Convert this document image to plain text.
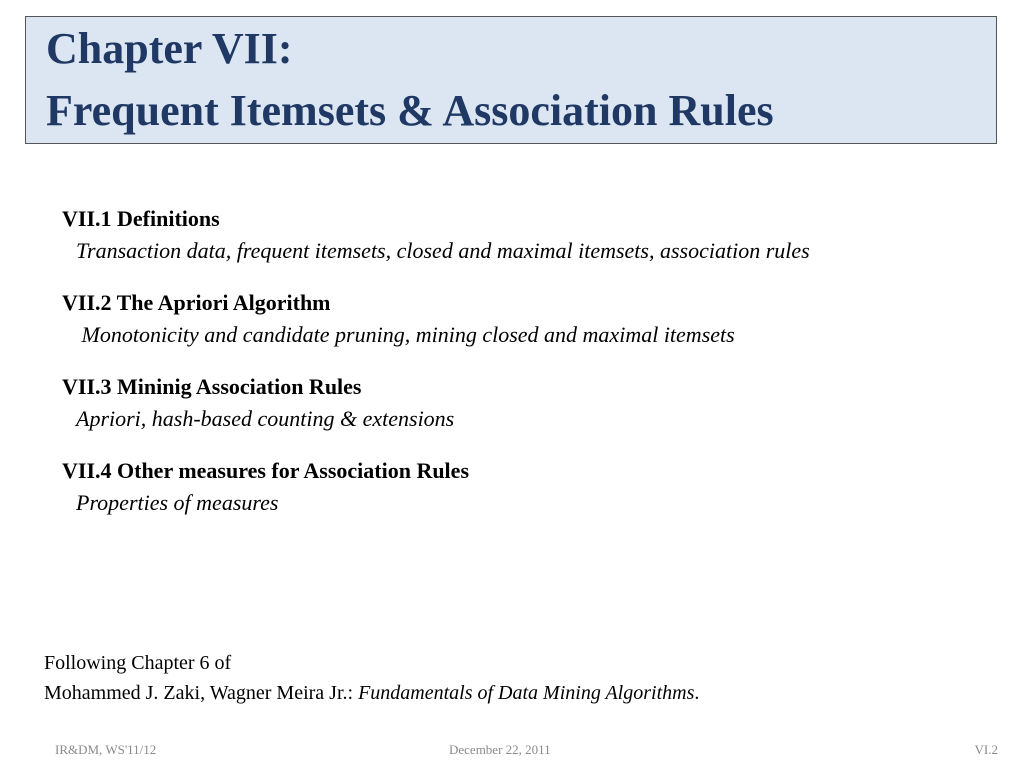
Chapter VII:
Frequent Itemsets & Association Rules
VII.1 Definitions
Transaction data, frequent itemsets, closed and maximal itemsets, association rules
VII.2 The Apriori Algorithm
Monotonicity and candidate pruning, mining closed and maximal itemsets
VII.3 Mininig Association Rules
Apriori, hash-based counting & extensions
VII.4 Other measures for Association Rules
Properties of measures
Following Chapter 6 of
Mohammed J. Zaki, Wagner Meira Jr.: Fundamentals of Data Mining Algorithms.
IR&DM, WS'11/12	December 22, 2011	VI.2
